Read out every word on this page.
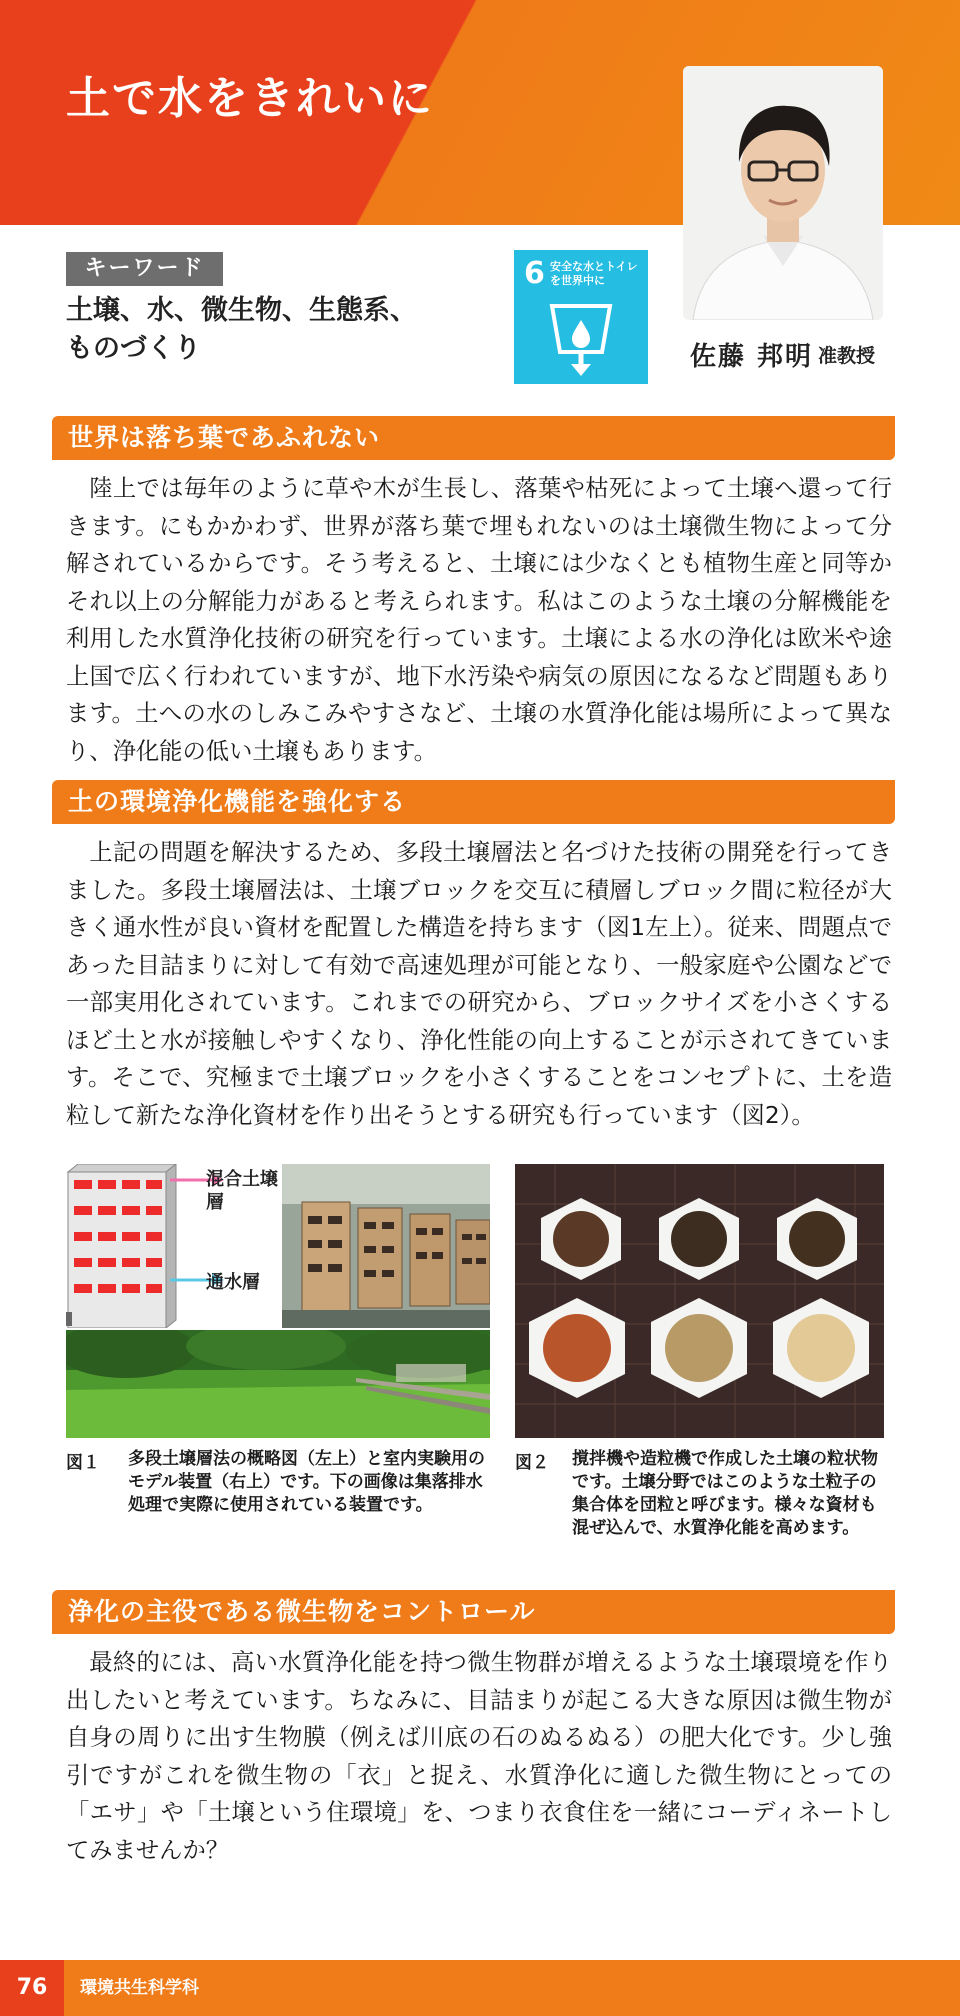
土で水をきれいに
キーワード

土壌、水、微生物、生態系、ものづくり

6 安全な水とトイレを世界中に
佐藤 邦明 准教授
世界は落ち葉であふれない

陸上では毎年のように草や木が生長し、落葉や枯死によって土壌へ還って行きます。にもかかわず、世界が落ち葉で埋もれないのは土壌微生物によって分解されているからです。そう考えると、土壌には少なくとも植物生産と同等かそれ以上の分解能力があると考えられます。私はこのような土壌の分解機能を利用した水質浄化技術の研究を行っています。土壌による水の浄化は欧米や途上国で広く行われていますが、地下水汚染や病気の原因になるなど問題もあります。土への水のしみこみやすさなど、土壌の水質浄化能は場所によって異なり、浄化能の低い土壌もあります。

土の環境浄化機能を強化する

上記の問題を解決するため、多段土壌層法と名づけた技術の開発を行ってきました。多段土壌層法は、土壌ブロックを交互に積層しブロック間に粒径が大きく通水性が良い資材を配置した構造を持ちます（図1左上）。従来、問題点であった目詰まりに対して有効で高速処理が可能となり、一般家庭や公園などで一部実用化されています。これまでの研究から、ブロックサイズを小さくするほど土と水が接触しやすくなり、浄化性能の向上することが示されてきています。そこで、究極まで土壌ブロックを小さくすることをコンセプトに、土を造粒して新たな浄化資材を作り出そうとする研究も行っています（図2）。

混合土壌層
通水層
図１ 多段土壌層法の概略図（左上）と室内実験用のモデル装置（右上）です。下の画像は集落排水処理で実際に使用されている装置です。

図２ 撹拌機や造粒機で作成した土壌の粒状物です。土壌分野ではこのような土粒子の集合体を団粒と呼びます。様々な資材も混ぜ込んで、水質浄化能を高めます。

浄化の主役である微生物をコントロール

最終的には、高い水質浄化能を持つ微生物群が増えるような土壌環境を作り出したいと考えています。ちなみに、目詰まりが起こる大きな原因は微生物が自身の周りに出す生物膜（例えば川底の石のぬるぬる）の肥大化です。少し強引ですがこれを微生物の「衣」と捉え、水質浄化に適した微生物にとっての「エサ」や「土壌という住環境」を、つまり衣食住を一緒にコーディネートしてみませんか？

76	環境共生科学科
